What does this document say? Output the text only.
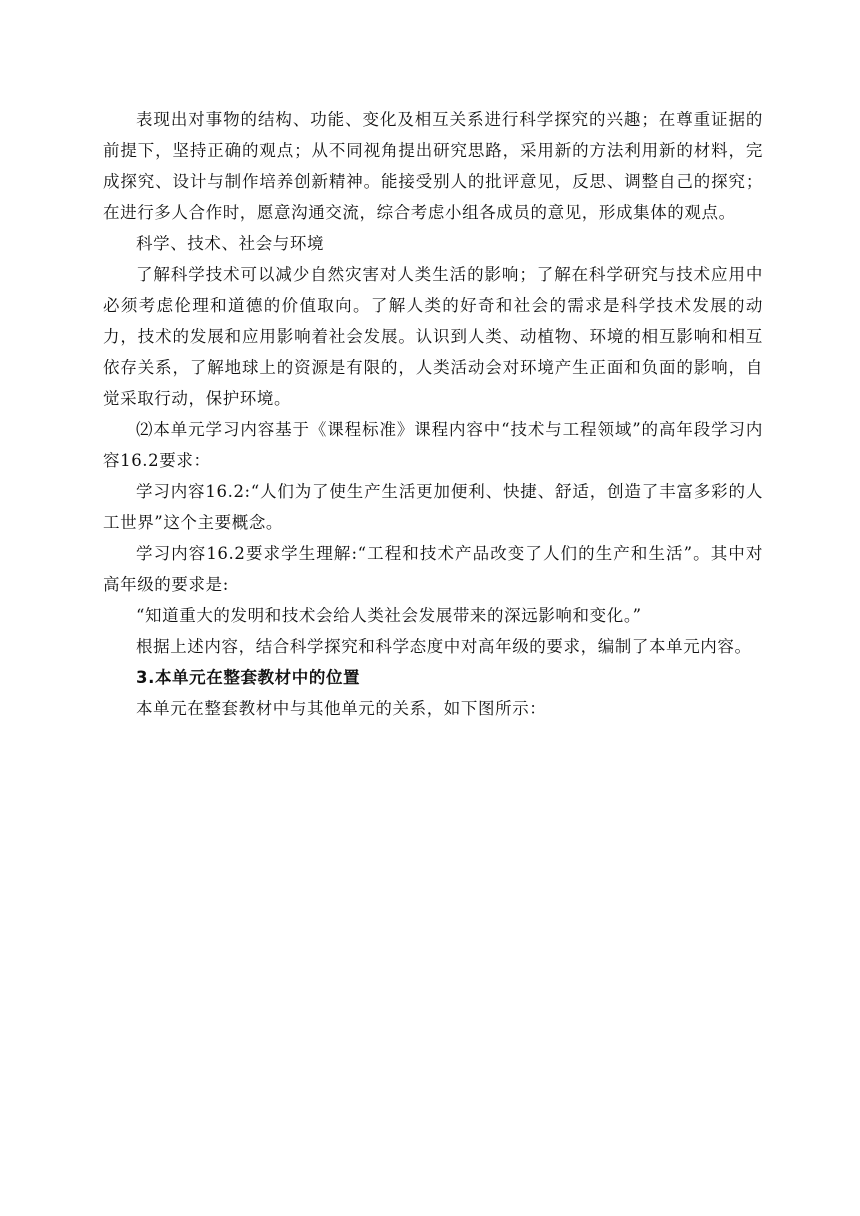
表现出对事物的结构、功能、变化及相互关系进行科学探究的兴趣；在尊重证据的前提下，坚持正确的观点；从不同视角提出研究思路，采用新的方法利用新的材料，完成探究、设计与制作培养创新精神。能接受别人的批评意见，反思、调整自己的探究；在进行多人合作时，愿意沟通交流，综合考虑小组各成员的意见，形成集体的观点。

科学、技术、社会与环境

了解科学技术可以减少自然灾害对人类生活的影响；了解在科学研究与技术应用中必须考虑伦理和道德的价值取向。了解人类的好奇和社会的需求是科学技术发展的动力，技术的发展和应用影响着社会发展。认识到人类、动植物、环境的相互影响和相互依存关系，了解地球上的资源是有限的，人类活动会对环境产生正面和负面的影响，自觉采取行动，保护环境。

⑵本单元学习内容基于《课程标准》课程内容中“技术与工程领域”的高年段学习内容16.2要求：

学习内容16.2:“人们为了使生产生活更加便利、快捷、舒适，创造了丰富多彩的人工世界”这个主要概念。

学习内容16.2要求学生理解:“工程和技术产品改变了人们的生产和生活”。其中对高年级的要求是:

“知道重大的发明和技术会给人类社会发展带来的深远影响和变化。”

根据上述内容，结合科学探究和科学态度中对高年级的要求，编制了本单元内容。

3.本单元在整套教材中的位置

本单元在整套教材中与其他单元的关系，如下图所示：
